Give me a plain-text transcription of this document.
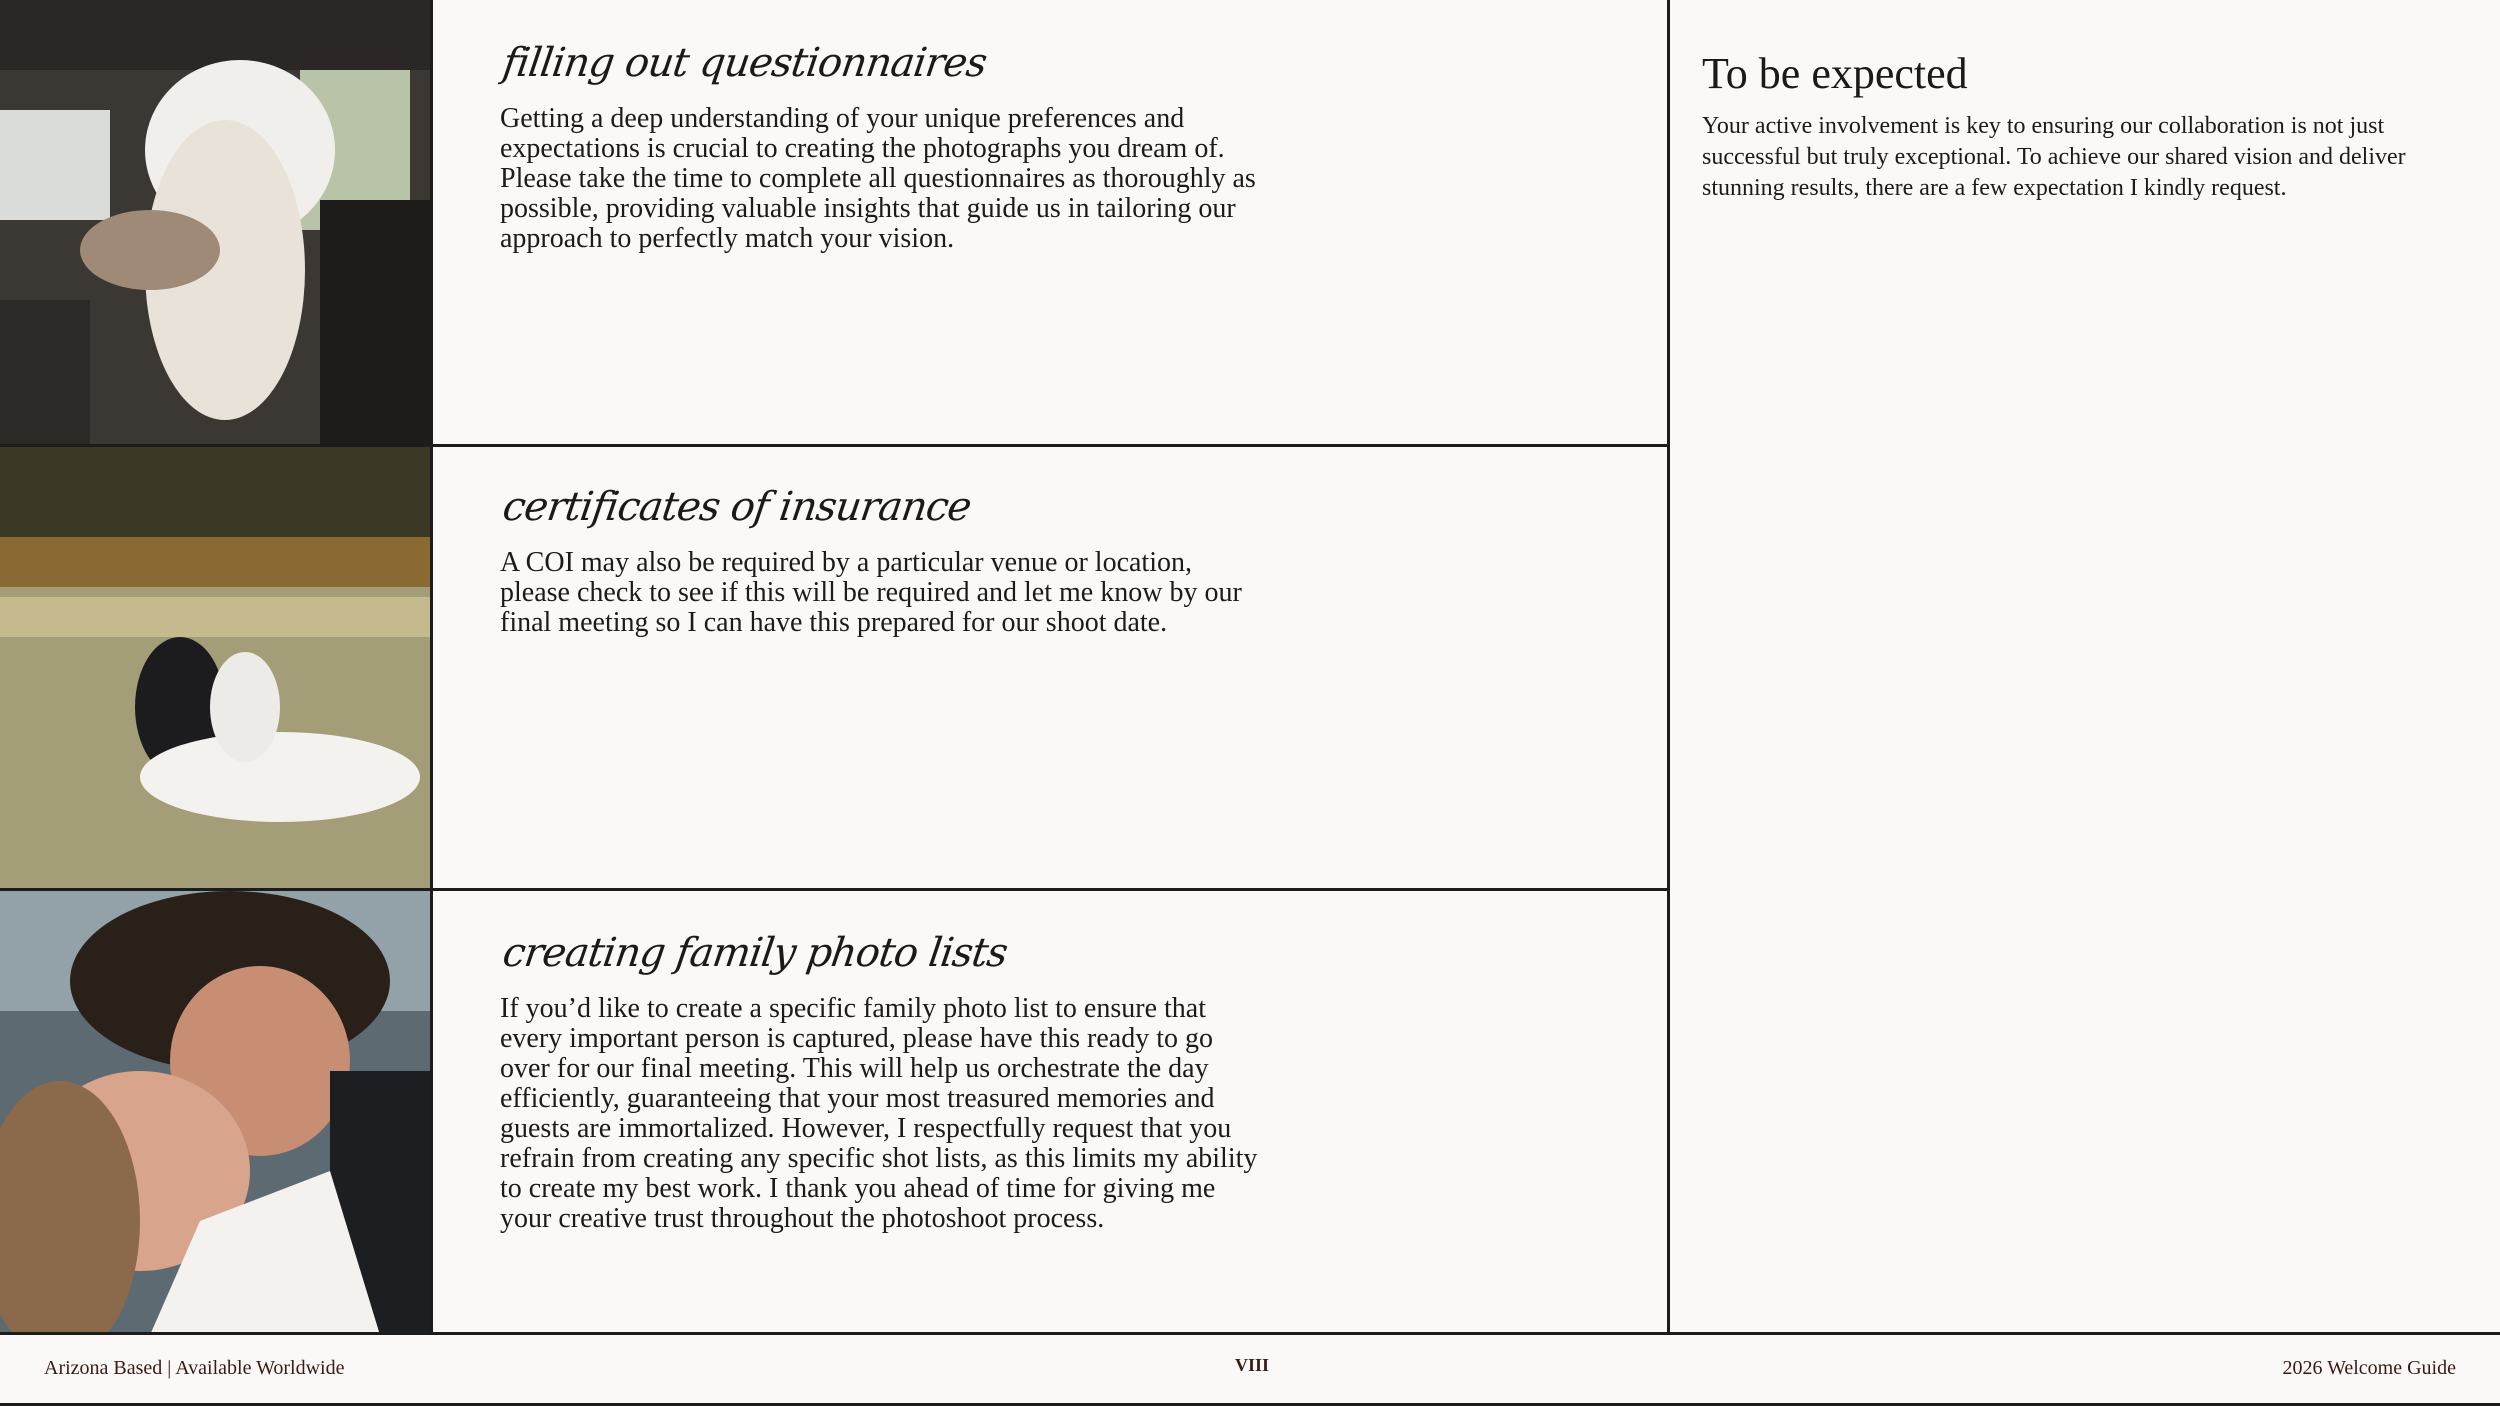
filling out questionnaires

Getting a deep understanding of your unique preferences and expectations is crucial to creating the photographs you dream of. Please take the time to complete all questionnaires as thoroughly as possible, providing valuable insights that guide us in tailoring our approach to perfectly match your vision.

certificates of insurance

A COI may also be required by a particular venue or location, please check to see if this will be required and let me know by our final meeting so I can have this prepared for our shoot date.

creating family photo lists

If you’d like to create a specific family photo list to ensure that every important person is captured, please have this ready to go over for our final meeting. This will help us orchestrate the day efficiently, guaranteeing that your most treasured memories and guests are immortalized. However, I respectfully request that you refrain from creating any specific shot lists, as this limits my ability to create my best work. I thank you ahead of time for giving me your creative trust throughout the photoshoot process.

To be expected

Your active involvement is key to ensuring our collaboration is not just successful but truly exceptional. To achieve our shared vision and deliver stunning results, there are a few expectation I kindly request.

Arizona Based | Available Worldwide	VIII	2026 Welcome Guide
